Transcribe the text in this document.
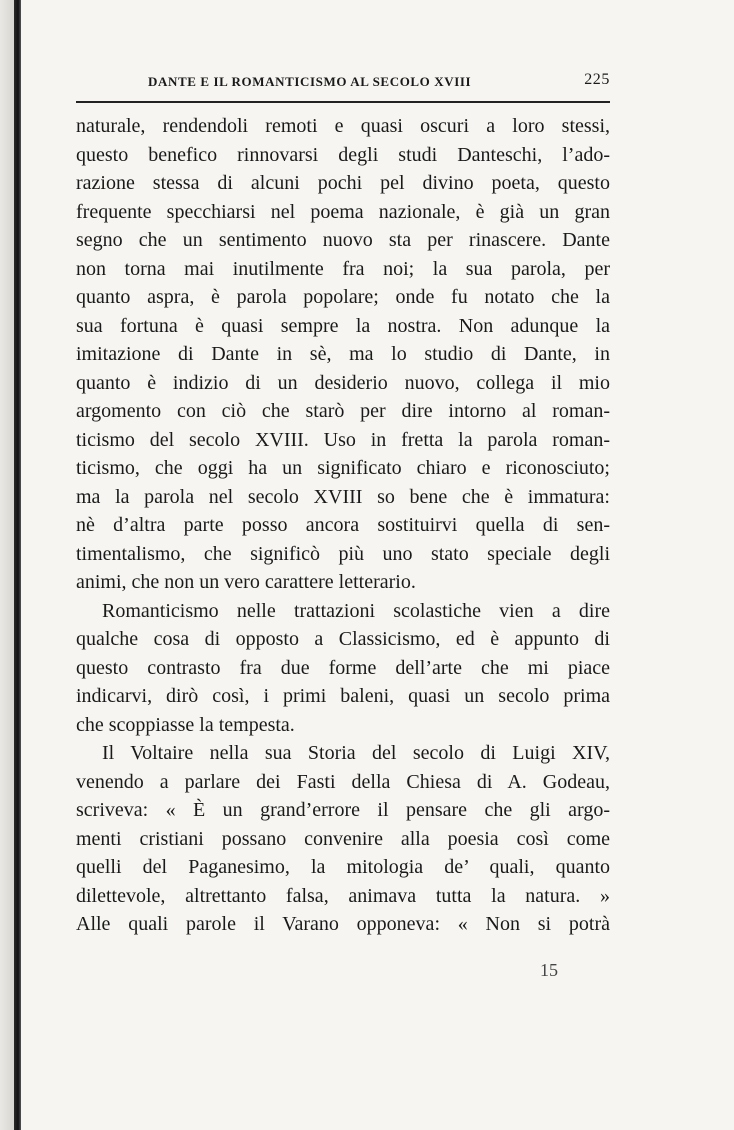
DANTE E IL ROMANTICISMO AL SECOLO XVIII	225
naturale, rendendoli remoti e quasi oscuri a loro stessi,
questo benefico rinnovarsi degli studi Danteschi, l’ado-
razione stessa di alcuni pochi pel divino poeta, questo
frequente specchiarsi nel poema nazionale, è già un gran
segno che un sentimento nuovo sta per rinascere. Dante
non torna mai inutilmente fra noi; la sua parola, per
quanto aspra, è parola popolare; onde fu notato che la
sua fortuna è quasi sempre la nostra. Non adunque la
imitazione di Dante in sè, ma lo studio di Dante, in
quanto è indizio di un desiderio nuovo, collega il mio
argomento con ciò che starò per dire intorno al roman-
ticismo del secolo XVIII. Uso in fretta la parola roman-
ticismo, che oggi ha un significato chiaro e riconosciuto;
ma la parola nel secolo XVIII so bene che è immatura:
nè d’altra parte posso ancora sostituirvi quella di sen-
timentalismo, che significò più uno stato speciale degli
animi, che non un vero carattere letterario.
Romanticismo nelle trattazioni scolastiche vien a dire
qualche cosa di opposto a Classicismo, ed è appunto di
questo contrasto fra due forme dell’arte che mi piace
indicarvi, dirò così, i primi baleni, quasi un secolo prima
che scoppiasse la tempesta.
Il Voltaire nella sua Storia del secolo di Luigi XIV,
venendo a parlare dei Fasti della Chiesa di A. Godeau,
scriveva: « È un grand’errore il pensare che gli argo-
menti cristiani possano convenire alla poesia così come
quelli del Paganesimo, la mitologia de’ quali, quanto
dilettevole, altrettanto falsa, animava tutta la natura. »
Alle quali parole il Varano opponeva: « Non si potrà
15
